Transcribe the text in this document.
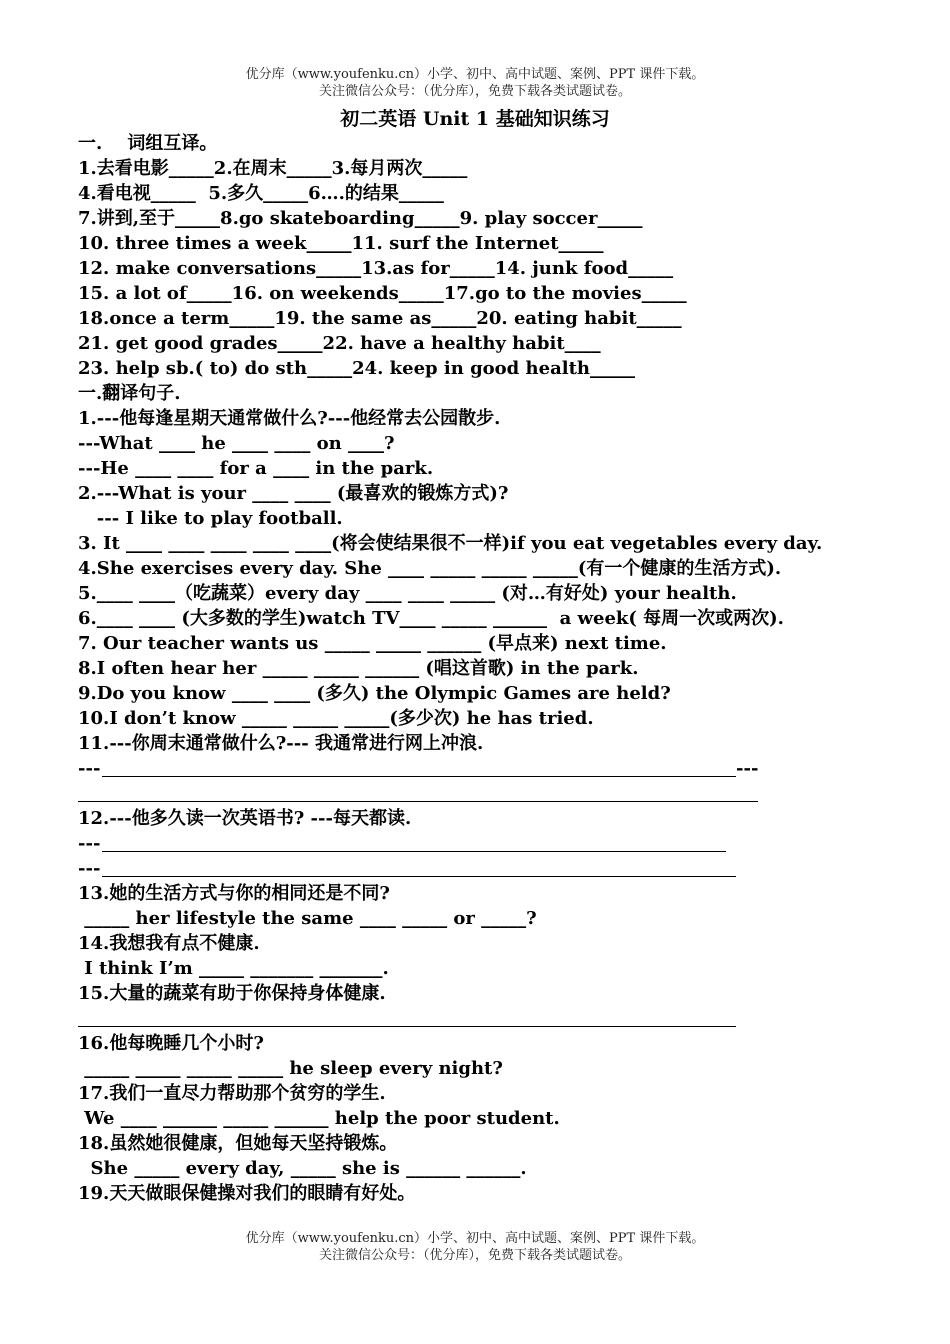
优分库（www.youfenku.cn）小学、初中、高中试题、案例、PPT 课件下载。
关注微信公众号：（优分库），免费下载各类试题试卷。
初二英语 Unit 1 基础知识练习
一.    词组互译。
1.去看电影_____2.在周末_____3.每月两次_____
4.看电视_____  5.多久_____6….的结果_____
7.讲到,至于_____8.go skateboarding_____9. play soccer_____
10. three times a week_____11. surf the Internet_____
12. make conversations_____13.as for_____14. junk food_____
15. a lot of_____16. on weekends_____17.go to the movies_____
18.once a term_____19. the same as_____20. eating habit_____
21. get good grades_____22. have a healthy habit____
23. help sb.( to) do sth_____24. keep in good health_____
一.翻译句子.
1.---他每逢星期天通常做什么?---他经常去公园散步.
---What ____ he ____ ____ on ____?
---He ____ ____ for a ____ in the park.
2.---What is your ____ ____ (最喜欢的锻炼方式)?
--- I like to play football.
3. It ____ ____ ____ ____ ____(将会使结果很不一样)if you eat vegetables every day.
4.She exercises every day. She ____ _____ _____ _____(有一个健康的生活方式).
5.____ ____（吃蔬菜）every day ____ ____ _____ (对…有好处) your health.
6.____ ____ (大多数的学生)watch TV____ _____ ______  a week( 每周一次或两次).
7. Our teacher wants us _____ _____ ______ (早点来) next time.
8.I often hear her _____ _____ ______ (唱这首歌) in the park.
9.Do you know ____ ____ (多久) the Olympic Games are held?
10.I don’t know _____ _____ _____(多少次) he has tried.
11.---你周末通常做什么?--- 我通常进行网上冲浪.
---	---
12.---他多久读一次英语书? ---每天都读.
---
---
13.她的生活方式与你的相同还是不同?
_____ her lifestyle the same ____ _____ or _____?
14.我想我有点不健康.
I think I’m _____ _______ _______.
15.大量的蔬菜有助于你保持身体健康.
16.他每晚睡几个小时?
_____ _____ _____ _____ he sleep every night?
17.我们一直尽力帮助那个贫穷的学生.
We ____ ______ _____ ______ help the poor student.
18.虽然她很健康，但她每天坚持锻炼。
She _____ every day, _____ she is ______ ______.
19.天天做眼保健操对我们的眼睛有好处。
优分库（www.youfenku.cn）小学、初中、高中试题、案例、PPT 课件下载。
关注微信公众号：（优分库），免费下载各类试题试卷。
